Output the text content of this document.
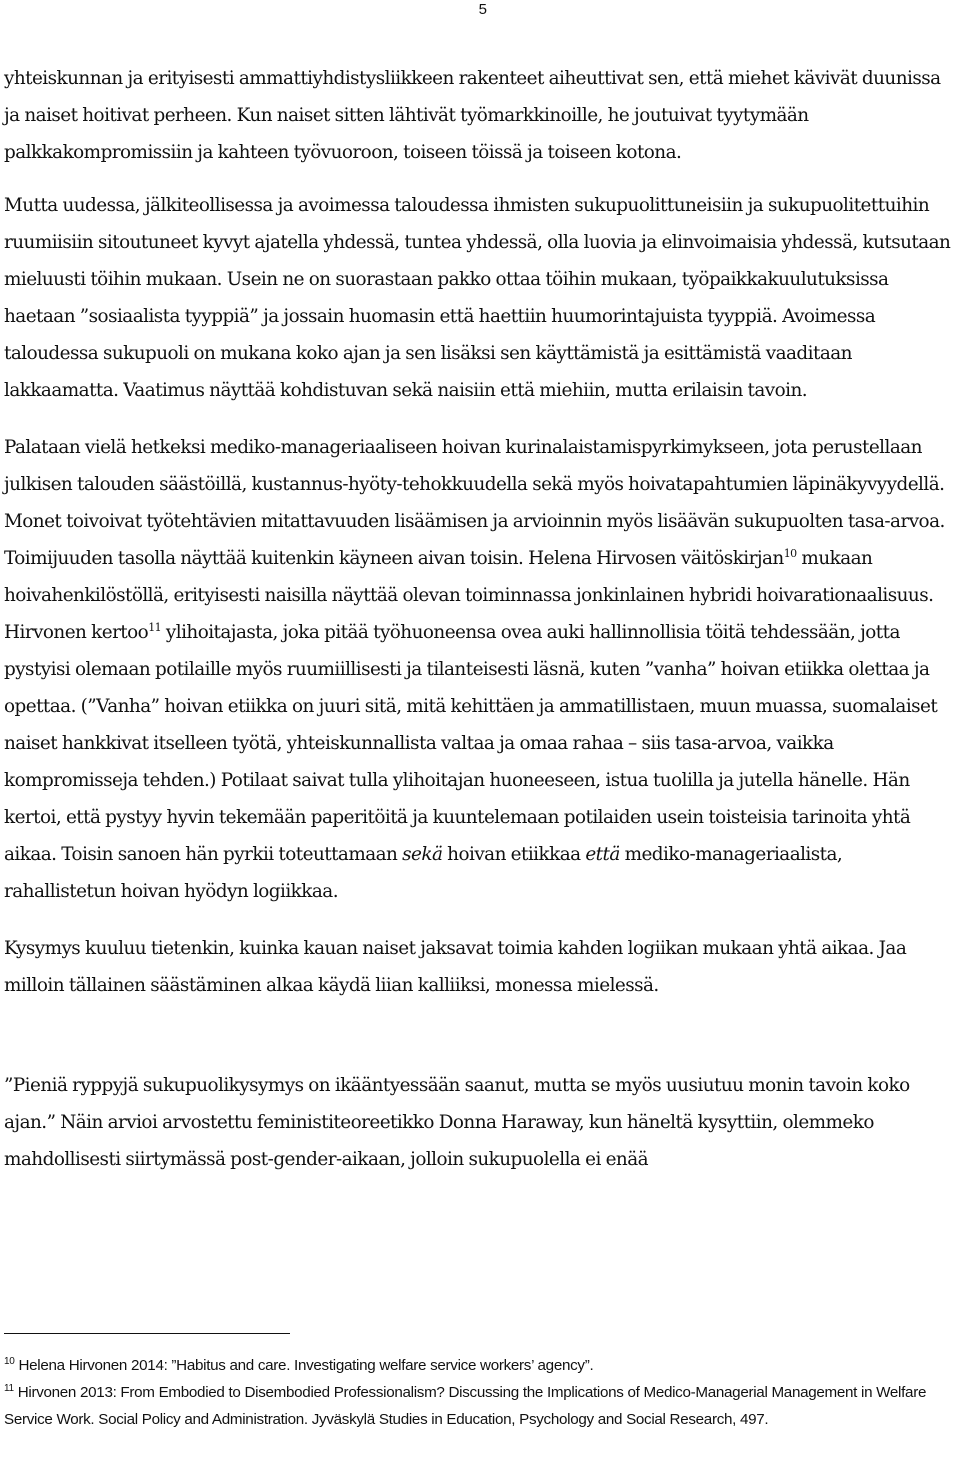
5

yhteiskunnan ja erityisesti ammattiyhdistysliikkeen rakenteet aiheuttivat sen, että miehet kävivät duunissa ja naiset hoitivat perheen. Kun naiset sitten lähtivät työmarkkinoille, he joutuivat tyytymään palkkakompromissiin ja kahteen työvuoroon, toiseen töissä ja toiseen kotona.

Mutta uudessa, jälkiteollisessa ja avoimessa taloudessa ihmisten sukupuolittuneisiin ja sukupuolitettuihin ruumiisiin sitoutuneet kyvyt ajatella yhdessä, tuntea yhdessä, olla luovia ja elinvoimaisia yhdessä, kutsutaan mieluusti töihin mukaan. Usein ne on suorastaan pakko ottaa töihin mukaan, työpaikkakuulutuksissa haetaan ”sosiaalista tyyppiä” ja jossain huomasin että haettiin huumorintajuista tyyppiä. Avoimessa taloudessa sukupuoli on mukana koko ajan ja sen lisäksi sen käyttämistä ja esittämistä vaaditaan lakkaamatta. Vaatimus näyttää kohdistuvan sekä naisiin että miehiin, mutta erilaisin tavoin.

Palataan vielä hetkeksi mediko-manageriaaliseen hoivan kurinalaistamispyrkimykseen, jota perustellaan julkisen talouden säästöillä, kustannus-hyöty-tehokkuudella sekä myös hoivatapahtumien läpinäkyvyydellä. Monet toivoivat työtehtävien mitattavuuden lisäämisen ja arvioinnin myös lisäävän sukupuolten tasa-arvoa. Toimijuuden tasolla näyttää kuitenkin käyneen aivan toisin. Helena Hirvosen väitöskirjan$^{10}$ mukaan hoivahenkilöstöllä, erityisesti naisilla näyttää olevan toiminnassa jonkinlainen hybridi hoivarationaalisuus. Hirvonen kertoo$^{11}$ ylihoitajasta, joka pitää työhuoneensa ovea auki hallinnollisia töitä tehdessään, jotta pystyisi olemaan potilaille myös ruumiillisesti ja tilanteisesti läsnä, kuten ”vanha” hoivan etiikka olettaa ja opettaa. (”Vanha” hoivan etiikka on juuri sitä, mitä kehittäen ja ammatillistaen, muun muassa, suomalaiset naiset hankkivat itselleen työtä, yhteiskunnallista valtaa ja omaa rahaa – siis tasa-arvoa, vaikka kompromisseja tehden.) Potilaat saivat tulla ylihoitajan huoneeseen, istua tuolilla ja jutella hänelle. Hän kertoi, että pystyy hyvin tekemään paperitöitä ja kuuntelemaan potilaiden usein toisteisia tarinoita yhtä aikaa. Toisin sanoen hän pyrkii toteuttamaan sekä hoivan etiikkaa että mediko-manageriaalista, rahallistetun hoivan hyödyn logiikkaa.

Kysymys kuuluu tietenkin, kuinka kauan naiset jaksavat toimia kahden logiikan mukaan yhtä aikaa. Jaa milloin tällainen säästäminen alkaa käydä liian kalliiksi, monessa mielessä.

”Pieniä ryppyjä sukupuolikysymys on ikääntyessään saanut, mutta se myös uusiutuu monin tavoin koko ajan.” Näin arvioi arvostettu feministiteoreetikko Donna Haraway, kun häneltä kysyttiin, olemmeko mahdollisesti siirtymässä post-gender-aikaan, jolloin sukupuolella ei enää

$^{10}$ Helena Hirvonen 2014: ”Habitus and care. Investigating welfare service workers’ agency”.

$^{11}$ Hirvonen 2013: From Embodied to Disembodied Professionalism? Discussing the Implications of Medico-Managerial Management in Welfare Service Work. Social Policy and Administration. Jyväskylä Studies in Education, Psychology and Social Research, 497.
